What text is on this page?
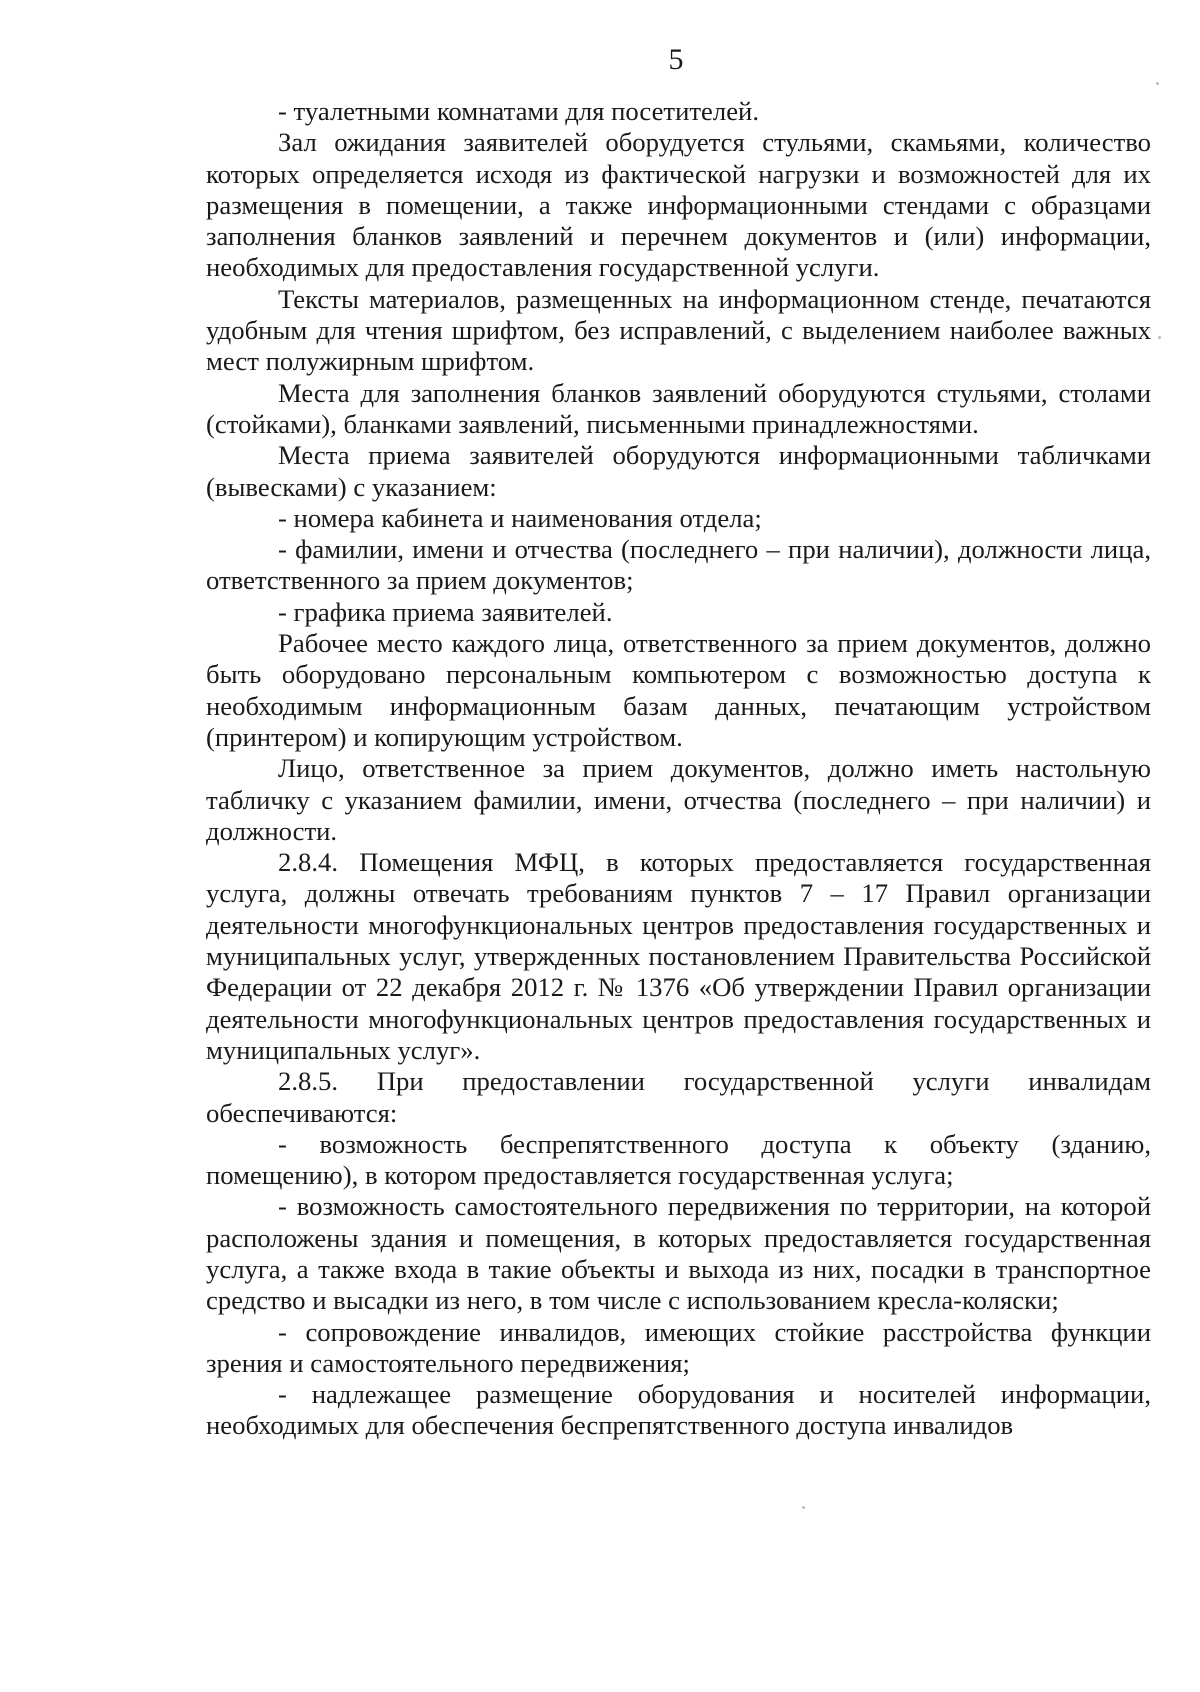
5

- туалетными комнатами для посетителей.

Зал ожидания заявителей оборудуется стульями, скамьями, количество которых определяется исходя из фактической нагрузки и возможностей для их размещения в помещении, а также информационными стендами с образцами заполнения бланков заявлений и перечнем документов и (или) информации, необходимых для предоставления государственной услуги.

Тексты материалов, размещенных на информационном стенде, печатаются удобным для чтения шрифтом, без исправлений, с выделением наиболее важных мест полужирным шрифтом.

Места для заполнения бланков заявлений оборудуются стульями, столами (стойками), бланками заявлений, письменными принадлежностями.

Места приема заявителей оборудуются информационными табличками (вывесками) с указанием:

- номера кабинета и наименования отдела;

- фамилии, имени и отчества (последнего – при наличии), должности лица, ответственного за прием документов;

- графика приема заявителей.

Рабочее место каждого лица, ответственного за прием документов, должно быть оборудовано персональным компьютером с возможностью доступа к необходимым информационным базам данных, печатающим устройством (принтером) и копирующим устройством.

Лицо, ответственное за прием документов, должно иметь настольную табличку с указанием фамилии, имени, отчества (последнего – при наличии) и должности.

2.8.4. Помещения МФЦ, в которых предоставляется государственная услуга, должны отвечать требованиям пунктов 7 – 17 Правил организации деятельности многофункциональных центров предоставления государственных и муниципальных услуг, утвержденных постановлением Правительства Российской Федерации от 22 декабря 2012 г. № 1376 «Об утверждении Правил организации деятельности многофункциональных центров предоставления государственных и муниципальных услуг».

2.8.5. При предоставлении государственной услуги инвалидам обеспечиваются:

- возможность беспрепятственного доступа к объекту (зданию, помещению), в котором предоставляется государственная услуга;

- возможность самостоятельного передвижения по территории, на которой расположены здания и помещения, в которых предоставляется государственная услуга, а также входа в такие объекты и выхода из них, посадки в транспортное средство и высадки из него, в том числе с использованием кресла-коляски;

- сопровождение инвалидов, имеющих стойкие расстройства функции зрения и самостоятельного передвижения;

- надлежащее размещение оборудования и носителей информации, необходимых для обеспечения беспрепятственного доступа инвалидов
